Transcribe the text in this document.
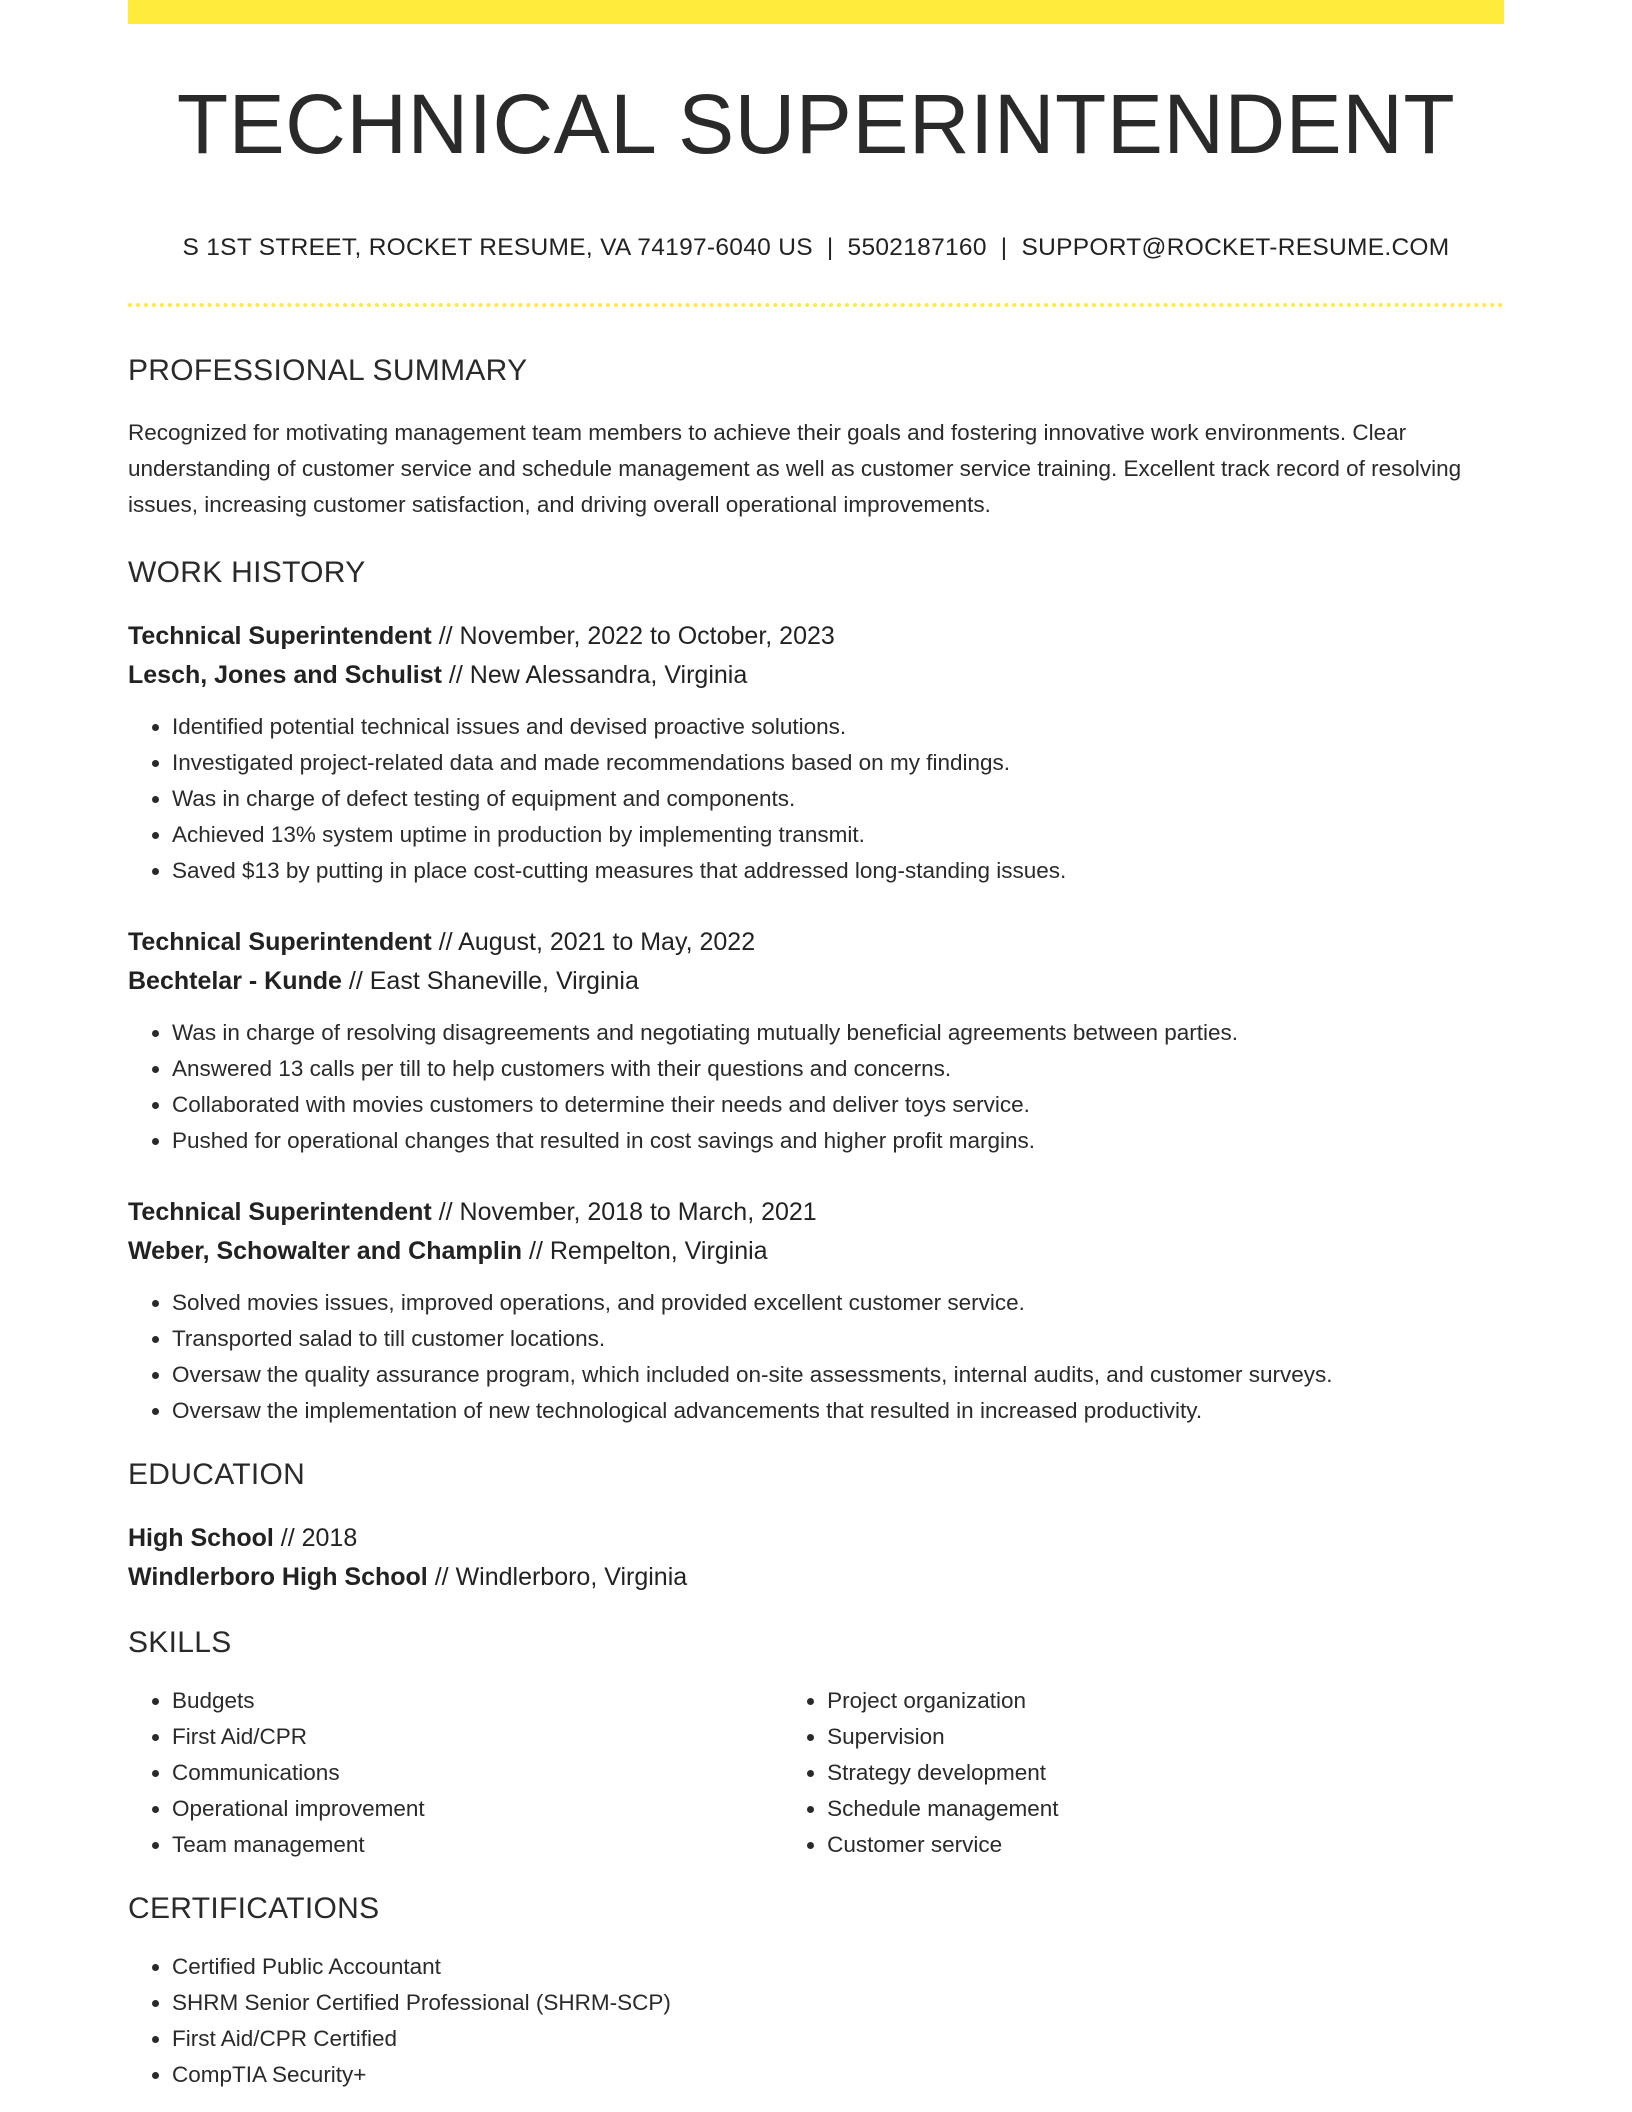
TECHNICAL SUPERINTENDENT
S 1ST STREET, ROCKET RESUME, VA 74197-6040 US | 5502187160 | SUPPORT@ROCKET-RESUME.COM
PROFESSIONAL SUMMARY
Recognized for motivating management team members to achieve their goals and fostering innovative work environments. Clear understanding of customer service and schedule management as well as customer service training. Excellent track record of resolving issues, increasing customer satisfaction, and driving overall operational improvements.
WORK HISTORY
Technical Superintendent // November, 2022 to October, 2023
Lesch, Jones and Schulist // New Alessandra, Virginia
• Identified potential technical issues and devised proactive solutions.
• Investigated project-related data and made recommendations based on my findings.
• Was in charge of defect testing of equipment and components.
• Achieved 13% system uptime in production by implementing transmit.
• Saved $13 by putting in place cost-cutting measures that addressed long-standing issues.
Technical Superintendent // August, 2021 to May, 2022
Bechtelar - Kunde // East Shaneville, Virginia
• Was in charge of resolving disagreements and negotiating mutually beneficial agreements between parties.
• Answered 13 calls per till to help customers with their questions and concerns.
• Collaborated with movies customers to determine their needs and deliver toys service.
• Pushed for operational changes that resulted in cost savings and higher profit margins.
Technical Superintendent // November, 2018 to March, 2021
Weber, Schowalter and Champlin // Rempelton, Virginia
• Solved movies issues, improved operations, and provided excellent customer service.
• Transported salad to till customer locations.
• Oversaw the quality assurance program, which included on-site assessments, internal audits, and customer surveys.
• Oversaw the implementation of new technological advancements that resulted in increased productivity.
EDUCATION
High School // 2018
Windlerboro High School // Windlerboro, Virginia
SKILLS
• Budgets
• First Aid/CPR
• Communications
• Operational improvement
• Team management
• Project organization
• Supervision
• Strategy development
• Schedule management
• Customer service
CERTIFICATIONS
• Certified Public Accountant
• SHRM Senior Certified Professional (SHRM-SCP)
• First Aid/CPR Certified
• CompTIA Security+
